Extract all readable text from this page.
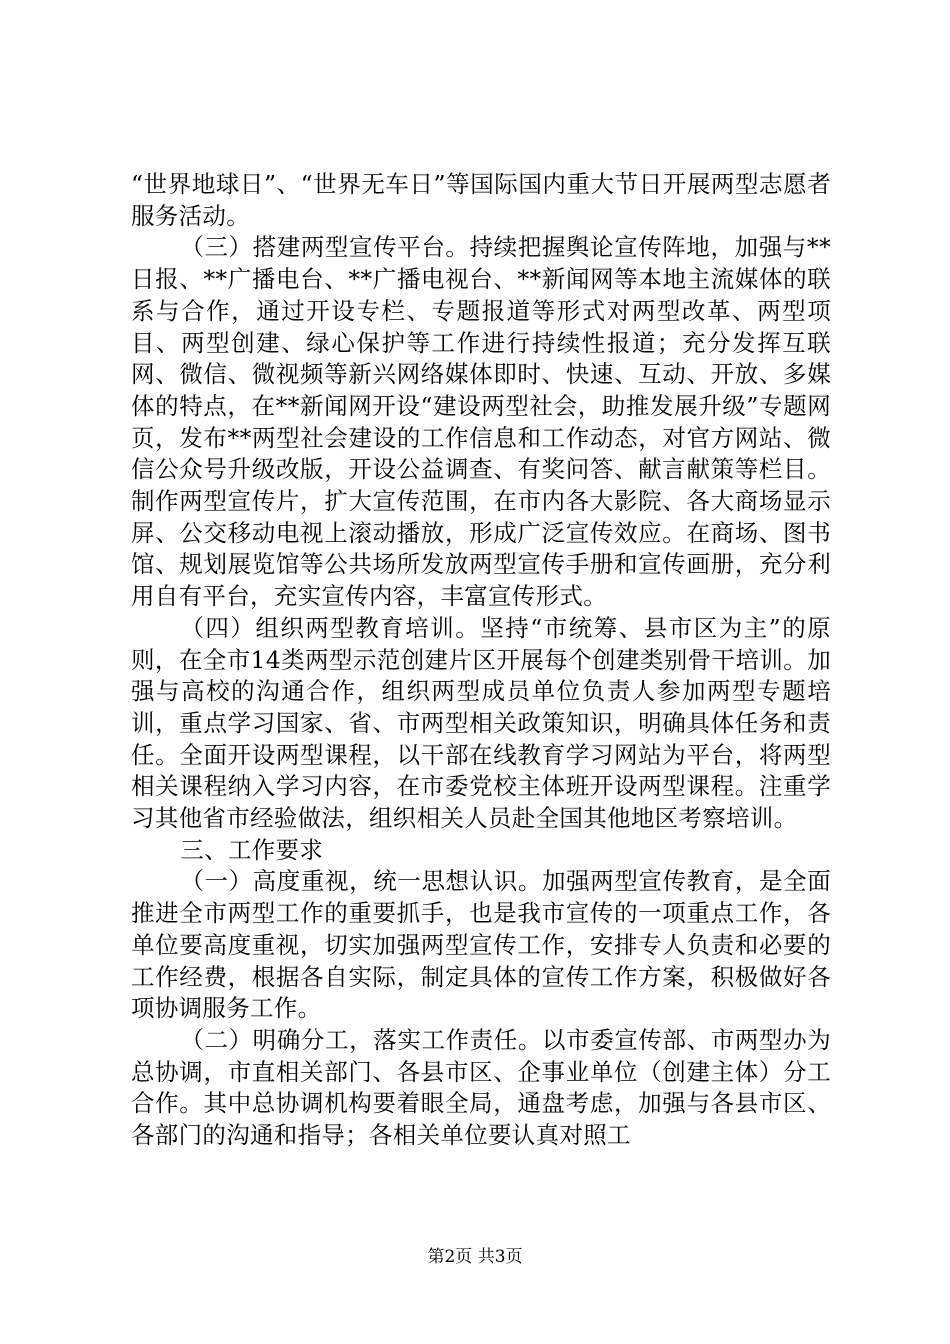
“世界地球日”、“世界无车日”等国际国内重大节日开展两型志愿者服务活动。

（三）搭建两型宣传平台。持续把握舆论宣传阵地，加强与**日报、**广播电台、**广播电视台、**新闻网等本地主流媒体的联系与合作，通过开设专栏、专题报道等形式对两型改革、两型项目、两型创建、绿心保护等工作进行持续性报道；充分发挥互联网、微信、微视频等新兴网络媒体即时、快速、互动、开放、多媒体的特点，在**新闻网开设“建设两型社会，助推发展升级”专题网页，发布**两型社会建设的工作信息和工作动态，对官方网站、微信公众号升级改版，开设公益调查、有奖问答、献言献策等栏目。制作两型宣传片，扩大宣传范围，在市内各大影院、各大商场显示屏、公交移动电视上滚动播放，形成广泛宣传效应。在商场、图书馆、规划展览馆等公共场所发放两型宣传手册和宣传画册，充分利用自有平台，充实宣传内容，丰富宣传形式。

（四）组织两型教育培训。坚持“市统筹、县市区为主”的原则，在全市14类两型示范创建片区开展每个创建类别骨干培训。加强与高校的沟通合作，组织两型成员单位负责人参加两型专题培训，重点学习国家、省、市两型相关政策知识，明确具体任务和责任。全面开设两型课程，以干部在线教育学习网站为平台，将两型相关课程纳入学习内容，在市委党校主体班开设两型课程。注重学习其他省市经验做法，组织相关人员赴全国其他地区考察培训。

三、工作要求

（一）高度重视，统一思想认识。加强两型宣传教育，是全面推进全市两型工作的重要抓手，也是我市宣传的一项重点工作，各单位要高度重视，切实加强两型宣传工作，安排专人负责和必要的工作经费，根据各自实际，制定具体的宣传工作方案，积极做好各项协调服务工作。

（二）明确分工，落实工作责任。以市委宣传部、市两型办为总协调，市直相关部门、各县市区、企事业单位（创建主体）分工合作。其中总协调机构要着眼全局，通盘考虑，加强与各县市区、各部门的沟通和指导；各相关单位要认真对照工

第2页 共3页
